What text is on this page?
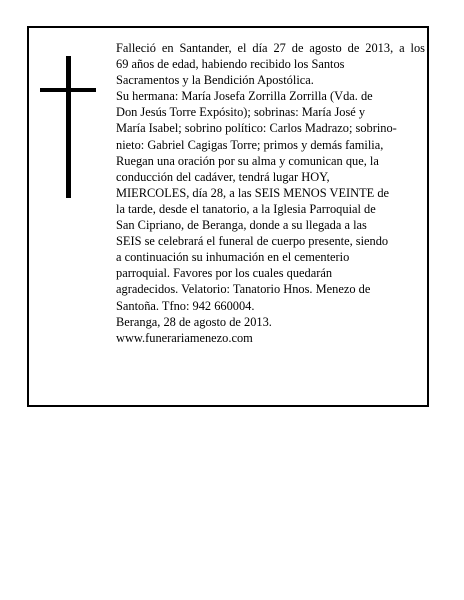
Falleció en Santander, el día 27 de agosto de 2013, a los
69 años de edad, habiendo recibido los Santos
Sacramentos y la Bendición Apostólica.
Su hermana: María Josefa Zorrilla Zorrilla (Vda. de
Don Jesús Torre Expósito); sobrinas: María José y
María Isabel; sobrino político: Carlos Madrazo; sobrino-
nieto: Gabriel Cagigas Torre; primos y demás familia,
Ruegan una oración por su alma y comunican que, la
conducción del cadáver, tendrá lugar HOY,
MIERCOLES, día 28, a las SEIS MENOS VEINTE de
la tarde, desde el tanatorio, a la Iglesia Parroquial de
San Cipriano, de Beranga, donde a su llegada a las
SEIS se celebrará el funeral de cuerpo presente, siendo
a continuación su inhumación en el cementerio
parroquial. Favores por los cuales quedarán
agradecidos. Velatorio: Tanatorio Hnos. Menezo de
Santoña. Tfno: 942 660004.
Beranga, 28 de agosto de 2013.
www.funerariamenezo.com
